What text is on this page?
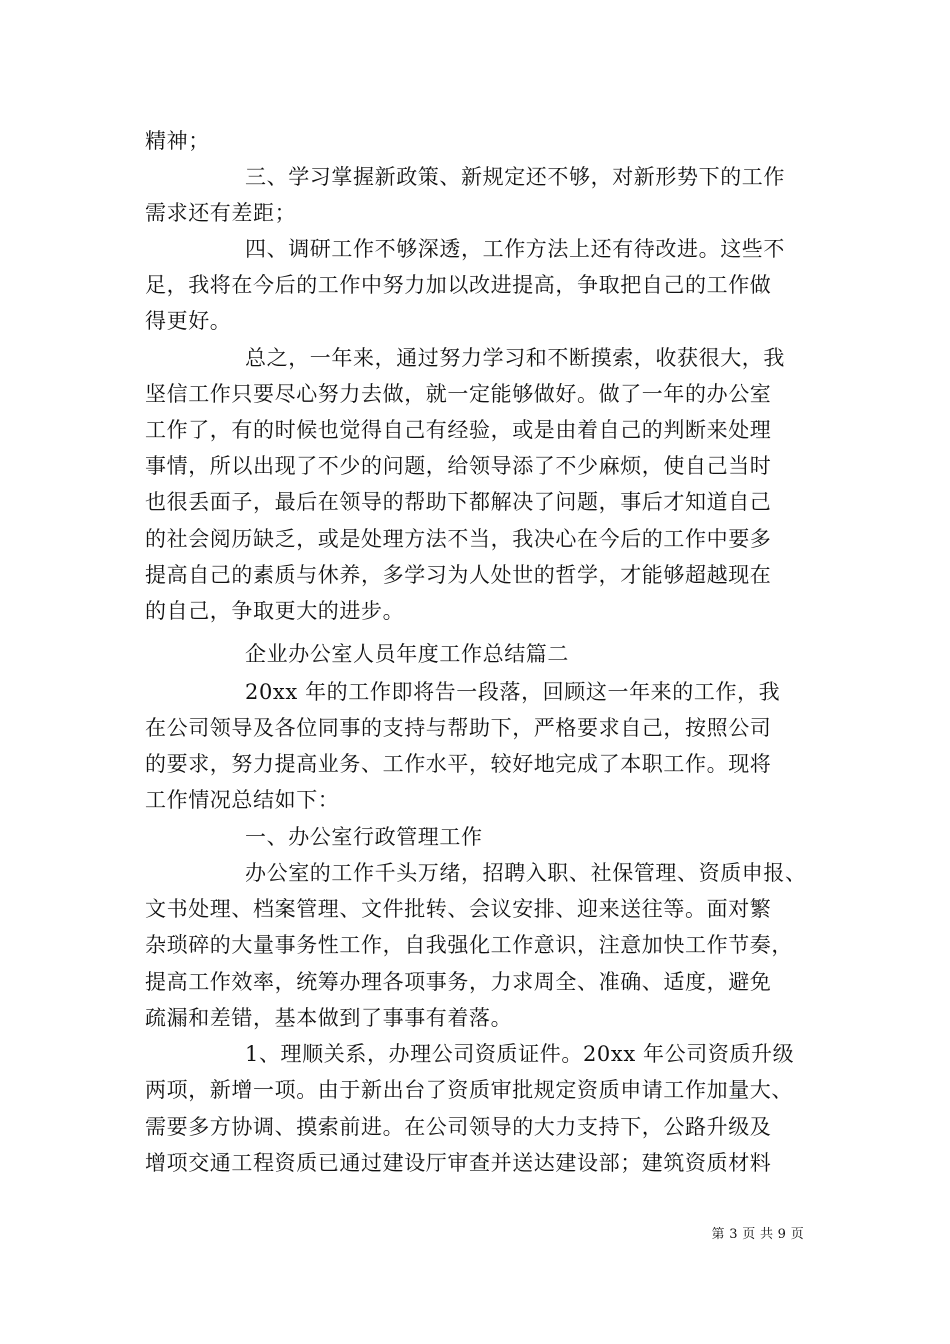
精神；
三、学习掌握新政策、新规定还不够，对新形势下的工作
需求还有差距；
四、调研工作不够深透，工作方法上还有待改进。这些不
足，我将在今后的工作中努力加以改进提高，争取把自己的工作做
得更好。
总之，一年来，通过努力学习和不断摸索，收获很大，我
坚信工作只要尽心努力去做，就一定能够做好。做了一年的办公室
工作了，有的时候也觉得自己有经验，或是由着自己的判断来处理
事情，所以出现了不少的问题，给领导添了不少麻烦，使自己当时
也很丢面子，最后在领导的帮助下都解决了问题，事后才知道自己
的社会阅历缺乏，或是处理方法不当，我决心在今后的工作中要多
提高自己的素质与休养，多学习为人处世的哲学，才能够超越现在
的自己，争取更大的进步。
企业办公室人员年度工作总结篇二
20xx 年的工作即将告一段落，回顾这一年来的工作，我
在公司领导及各位同事的支持与帮助下，严格要求自己，按照公司
的要求，努力提高业务、工作水平，较好地完成了本职工作。现将
工作情况总结如下：
一、办公室行政管理工作
办公室的工作千头万绪，招聘入职、社保管理、资质申报、
文书处理、档案管理、文件批转、会议安排、迎来送往等。面对繁
杂琐碎的大量事务性工作，自我强化工作意识，注意加快工作节奏，
提高工作效率，统筹办理各项事务，力求周全、准确、适度，避免
疏漏和差错，基本做到了事事有着落。
1、理顺关系，办理公司资质证件。20xx 年公司资质升级
两项，新增一项。由于新出台了资质审批规定资质申请工作加量大、
需要多方协调、摸索前进。在公司领导的大力支持下，公路升级及
增项交通工程资质已通过建设厅审查并送达建设部；建筑资质材料
第 3 页 共 9 页
